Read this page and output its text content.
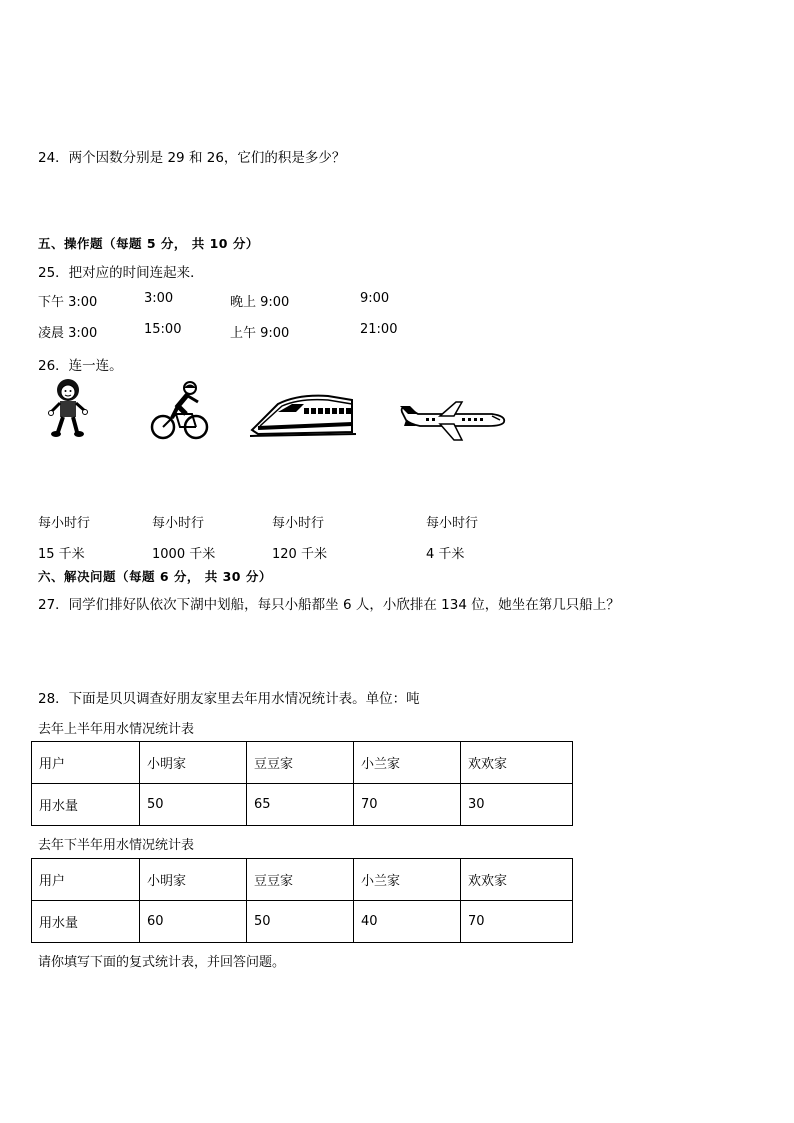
24．两个因数分别是 29 和 26，它们的积是多少？
五、操作题（每题 5 分， 共 10 分）
25．把对应的时间连起来．
下午 3:00	3:00	晚上 9:00	9:00
凌晨 3:00	15:00	上午 9:00	21:00
26．连一连。
每小时行	每小时行	每小时行	每小时行
15 千米	1000 千米	120 千米	4 千米
六、解决问题（每题 6 分， 共 30 分）
27．同学们排好队依次下湖中划船，每只小船都坐 6 人，小欣排在 134 位，她坐在第几只船上？
28．下面是贝贝调查好朋友家里去年用水情况统计表。单位：吨
去年上半年用水情况统计表
用户	小明家	豆豆家	小兰家	欢欢家
用水量	50	65	70	30
去年下半年用水情况统计表
用户	小明家	豆豆家	小兰家	欢欢家
用水量	60	50	40	70
请你填写下面的复式统计表，并回答问题。
